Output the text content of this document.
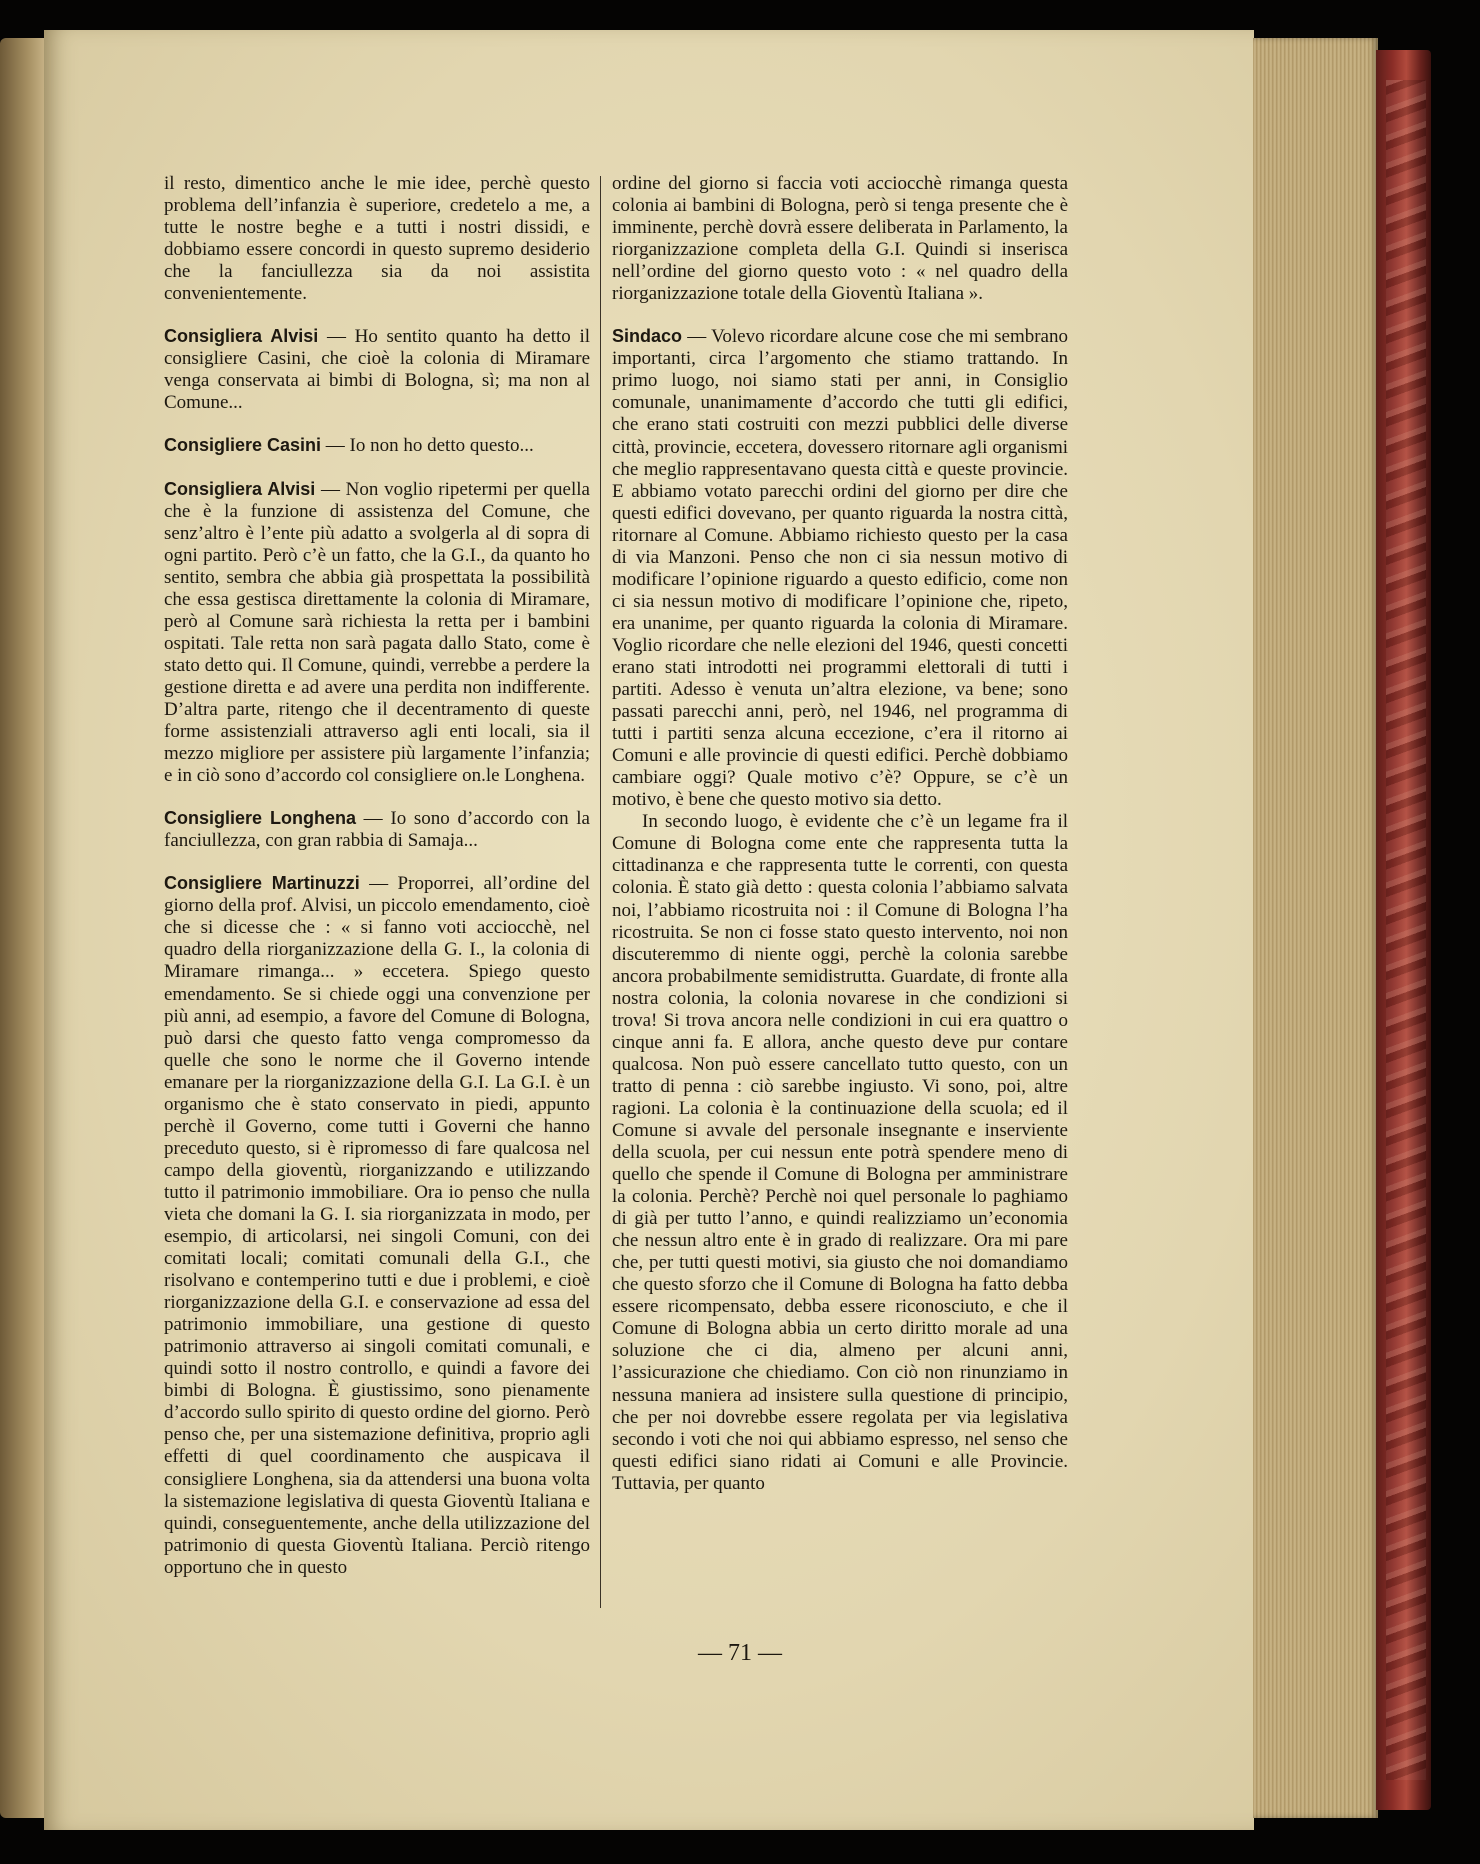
il resto, dimentico anche le mie idee, perchè questo problema dell’infanzia è superiore, credetelo a me, a tutte le nostre beghe e a tutti i nostri dissidi, e dobbiamo essere concordi in questo supremo desiderio che la fanciullezza sia da noi assistita convenientemente.

Consigliera Alvisi — Ho sentito quanto ha detto il consigliere Casini, che cioè la colonia di Miramare venga conservata ai bimbi di Bologna, sì; ma non al Comune...

Consigliere Casini — Io non ho detto questo...

Consigliera Alvisi — Non voglio ripetermi per quella che è la funzione di assistenza del Comune, che senz’altro è l’ente più adatto a svolgerla al di sopra di ogni partito. Però c’è un fatto, che la G.I., da quanto ho sentito, sembra che abbia già prospettata la possibilità che essa gestisca direttamente la colonia di Miramare, però al Comune sarà richiesta la retta per i bambini ospitati. Tale retta non sarà pagata dallo Stato, come è stato detto qui. Il Comune, quindi, verrebbe a perdere la gestione diretta e ad avere una perdita non indifferente. D’altra parte, ritengo che il decentramento di queste forme assistenziali attraverso agli enti locali, sia il mezzo migliore per assistere più largamente l’infanzia; e in ciò sono d’accordo col consigliere on.le Longhena.

Consigliere Longhena — Io sono d’accordo con la fanciullezza, con gran rabbia di Samaja...

Consigliere Martinuzzi — Proporrei, all’ordine del giorno della prof. Alvisi, un piccolo emendamento, cioè che si dicesse che : « si fanno voti acciocchè, nel quadro della riorganizzazione della G. I., la colonia di Miramare rimanga... » eccetera. Spiego questo emendamento. Se si chiede oggi una convenzione per più anni, ad esempio, a favore del Comune di Bologna, può darsi che questo fatto venga compromesso da quelle che sono le norme che il Governo intende emanare per la riorganizzazione della G.I. La G.I. è un organismo che è stato conservato in piedi, appunto perchè il Governo, come tutti i Governi che hanno preceduto questo, si è ripromesso di fare qualcosa nel campo della gioventù, riorganizzando e utilizzando tutto il patrimonio immobiliare. Ora io penso che nulla vieta che domani la G. I. sia riorganizzata in modo, per esempio, di articolarsi, nei singoli Comuni, con dei comitati locali; comitati comunali della G.I., che risolvano e contemperino tutti e due i problemi, e cioè riorganizzazione della G.I. e conservazione ad essa del patrimonio immobiliare, una gestione di questo patrimonio attraverso ai singoli comitati comunali, e quindi sotto il nostro controllo, e quindi a favore dei bimbi di Bologna. È giustissimo, sono pienamente d’accordo sullo spirito di questo ordine del giorno. Però penso che, per una sistemazione definitiva, proprio agli effetti di quel coordinamento che auspicava il consigliere Longhena, sia da attendersi una buona volta la sistemazione legislativa di questa Gioventù Italiana e quindi, conseguentemente, anche della utilizzazione del patrimonio di questa Gioventù Italiana. Perciò ritengo opportuno che in questo

ordine del giorno si faccia voti acciocchè rimanga questa colonia ai bambini di Bologna, però si tenga presente che è imminente, perchè dovrà essere deliberata in Parlamento, la riorganizzazione completa della G.I. Quindi si inserisca nell’ordine del giorno questo voto : « nel quadro della riorganizzazione totale della Gioventù Italiana ».

Sindaco — Volevo ricordare alcune cose che mi sembrano importanti, circa l’argomento che stiamo trattando. In primo luogo, noi siamo stati per anni, in Consiglio comunale, unanimamente d’accordo che tutti gli edifici, che erano stati costruiti con mezzi pubblici delle diverse città, provincie, eccetera, dovessero ritornare agli organismi che meglio rappresentavano questa città e queste provincie. E abbiamo votato parecchi ordini del giorno per dire che questi edifici dovevano, per quanto riguarda la nostra città, ritornare al Comune. Abbiamo richiesto questo per la casa di via Manzoni. Penso che non ci sia nessun motivo di modificare l’opinione riguardo a questo edificio, come non ci sia nessun motivo di modificare l’opinione che, ripeto, era unanime, per quanto riguarda la colonia di Miramare. Voglio ricordare che nelle elezioni del 1946, questi concetti erano stati introdotti nei programmi elettorali di tutti i partiti. Adesso è venuta un’altra elezione, va bene; sono passati parecchi anni, però, nel 1946, nel programma di tutti i partiti senza alcuna eccezione, c’era il ritorno ai Comuni e alle provincie di questi edifici. Perchè dobbiamo cambiare oggi? Quale motivo c’è? Oppure, se c’è un motivo, è bene che questo motivo sia detto.

In secondo luogo, è evidente che c’è un legame fra il Comune di Bologna come ente che rappresenta tutta la cittadinanza e che rappresenta tutte le correnti, con questa colonia. È stato già detto : questa colonia l’abbiamo salvata noi, l’abbiamo ricostruita noi : il Comune di Bologna l’ha ricostruita. Se non ci fosse stato questo intervento, noi non discuteremmo di niente oggi, perchè la colonia sarebbe ancora probabilmente semidistrutta. Guardate, di fronte alla nostra colonia, la colonia novarese in che condizioni si trova! Si trova ancora nelle condizioni in cui era quattro o cinque anni fa. E allora, anche questo deve pur contare qualcosa. Non può essere cancellato tutto questo, con un tratto di penna : ciò sarebbe ingiusto. Vi sono, poi, altre ragioni. La colonia è la continuazione della scuola; ed il Comune si avvale del personale insegnante e inserviente della scuola, per cui nessun ente potrà spendere meno di quello che spende il Comune di Bologna per amministrare la colonia. Perchè? Perchè noi quel personale lo paghiamo di già per tutto l’anno, e quindi realizziamo un’economia che nessun altro ente è in grado di realizzare. Ora mi pare che, per tutti questi motivi, sia giusto che noi domandiamo che questo sforzo che il Comune di Bologna ha fatto debba essere ricompensato, debba essere riconosciuto, e che il Comune di Bologna abbia un certo diritto morale ad una soluzione che ci dia, almeno per alcuni anni, l’assicurazione che chiediamo. Con ciò non rinunziamo in nessuna maniera ad insistere sulla questione di principio, che per noi dovrebbe essere regolata per via legislativa secondo i voti che noi qui abbiamo espresso, nel senso che questi edifici siano ridati ai Comuni e alle Provincie. Tuttavia, per quanto

— 71 —
